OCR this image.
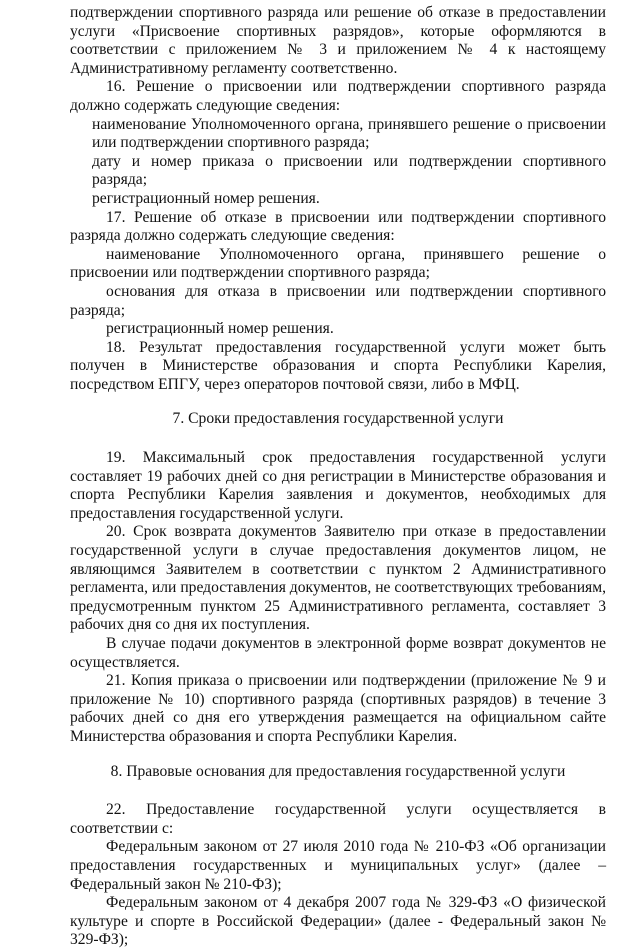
подтверждении спортивного разряда или решение об отказе в предоставлении услуги «Присвоение спортивных разрядов», которые оформляются в соответствии с приложением № 3 и приложением № 4 к настоящему Административному регламенту соответственно.

16. Решение о присвоении или подтверждении спортивного разряда должно содержать следующие сведения:

наименование Уполномоченного органа, принявшего решение о присвоении или подтверждении спортивного разряда;

дату и номер приказа о присвоении или подтверждении спортивного разряда;

регистрационный номер решения.

17. Решение об отказе в присвоении или подтверждении спортивного разряда должно содержать следующие сведения:

наименование Уполномоченного органа, принявшего решение о присвоении или подтверждении спортивного разряда;

основания для отказа в присвоении или подтверждении спортивного разряда;

регистрационный номер решения.

18. Результат предоставления государственной услуги может быть получен в Министерстве образования и спорта Республики Карелия, посредством ЕПГУ, через операторов почтовой связи, либо в МФЦ.

7. Сроки предоставления государственной услуги

19. Максимальный срок предоставления государственной услуги составляет 19 рабочих дней со дня регистрации в Министерстве образования и спорта Республики Карелия заявления и документов, необходимых для предоставления государственной услуги.

20. Срок возврата документов Заявителю при отказе в предоставлении государственной услуги в случае предоставления документов лицом, не являющимся Заявителем в соответствии с пунктом 2 Административного регламента, или предоставления документов, не соответствующих требованиям, предусмотренным пунктом 25 Административного регламента, составляет 3 рабочих дня со дня их поступления.

В случае подачи документов в электронной форме возврат документов не осуществляется.

21. Копия приказа о присвоении или подтверждении (приложение № 9 и приложение № 10) спортивного разряда (спортивных разрядов) в течение 3 рабочих дней со дня его утверждения размещается на официальном сайте Министерства образования и спорта Республики Карелия.

8. Правовые основания для предоставления государственной услуги

22. Предоставление государственной услуги осуществляется в соответствии с:

Федеральным законом от 27 июля 2010 года № 210-ФЗ «Об организации предоставления государственных и муниципальных услуг» (далее – Федеральный закон № 210-ФЗ);

Федеральным законом от 4 декабря 2007 года № 329-ФЗ «О физической культуре и спорте в Российской Федерации» (далее - Федеральный закон № 329-ФЗ);
